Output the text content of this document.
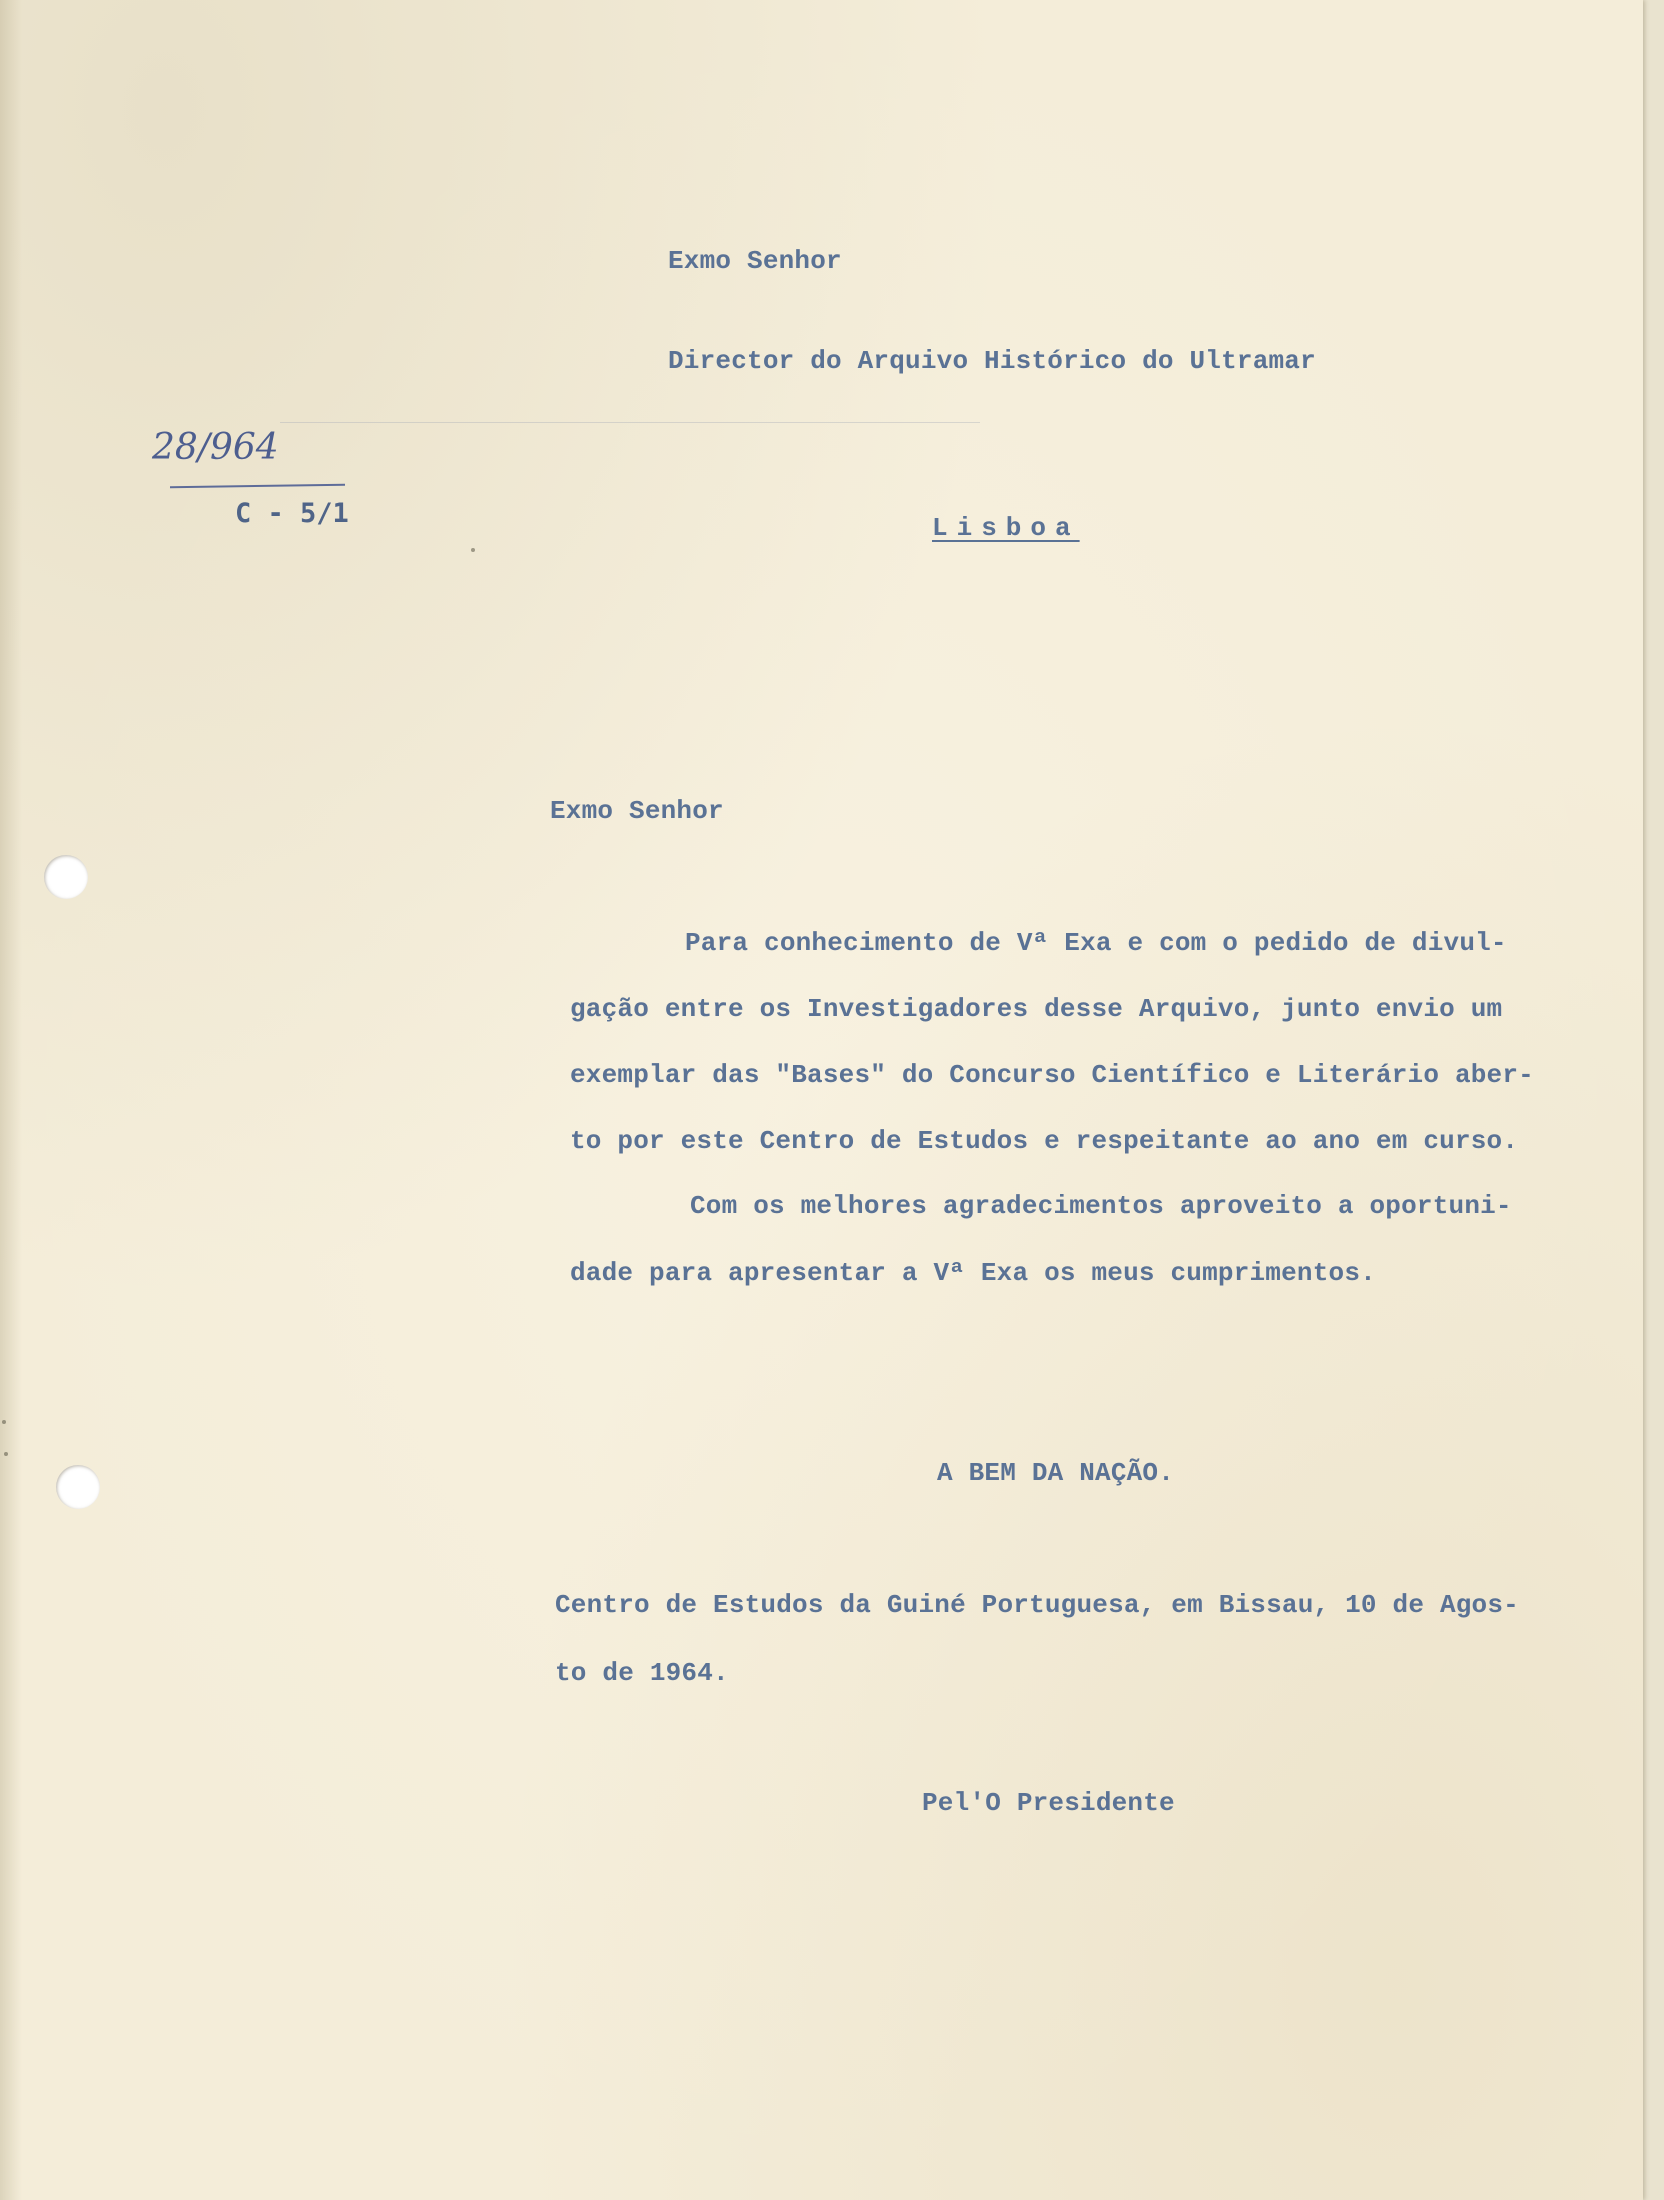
Exmo Senhor
Director do Arquivo Histórico do Ultramar
Lisboa
28/964
C - 5/1
Exmo Senhor
Para conhecimento de Vª Exa e com o pedido de divul-
gação entre os Investigadores desse Arquivo, junto envio um
exemplar das "Bases" do Concurso Científico e Literário aber-
to por este Centro de Estudos e respeitante ao ano em curso.
Com os melhores agradecimentos aproveito a oportuni-
dade para apresentar a Vª Exa os meus cumprimentos.
A BEM DA NAÇÃO.
Centro de Estudos da Guiné Portuguesa, em Bissau, 10 de Agos-
to de 1964.
Pel'O Presidente
